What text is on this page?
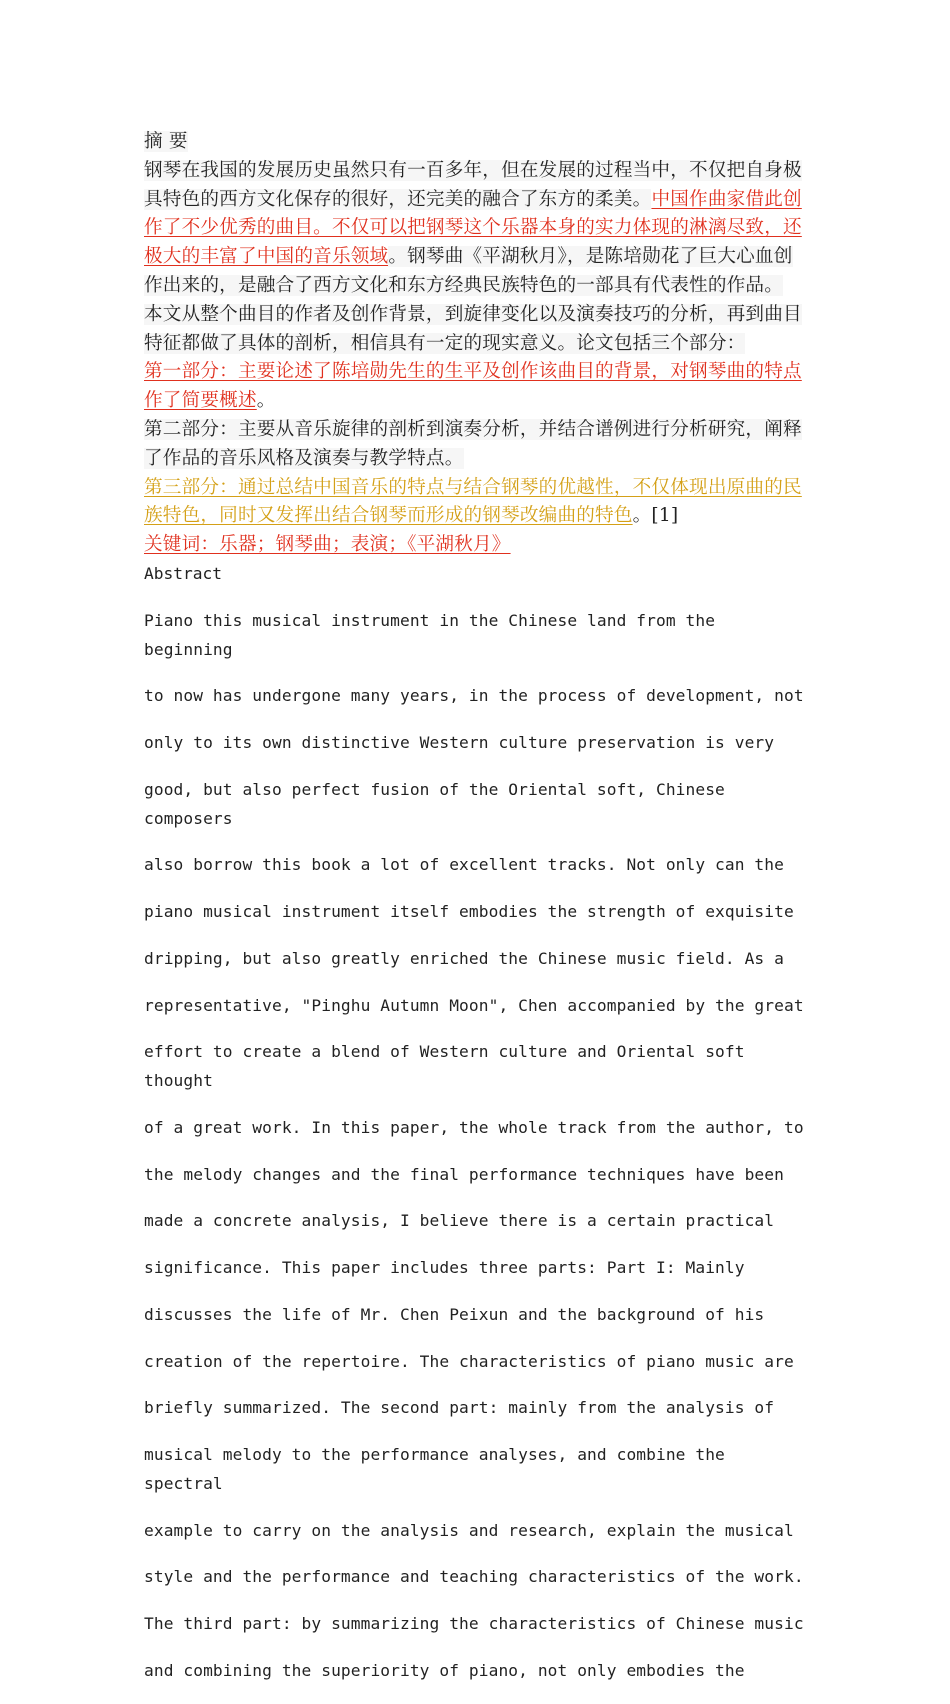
摘 要

钢琴在我国的发展历史虽然只有一百多年，但在发展的过程当中，不仅把自身极具特色的西方文化保存的很好，还完美的融合了东方的柔美。中国作曲家借此创作了不少优秀的曲目。不仅可以把钢琴这个乐器本身的实力体现的淋漓尽致，还极大的丰富了中国的音乐领域。钢琴曲《平湖秋月》，是陈培勋花了巨大心血创作出来的，是融合了西方文化和东方经典民族特色的一部具有代表性的作品。

本文从整个曲目的作者及创作背景，到旋律变化以及演奏技巧的分析，再到曲目特征都做了具体的剖析，相信具有一定的现实意义。论文包括三个部分：

第一部分：主要论述了陈培勋先生的生平及创作该曲目的背景，对钢琴曲的特点作了简要概述。

第二部分：主要从音乐旋律的剖析到演奏分析，并结合谱例进行分析研究，阐释了作品的音乐风格及演奏与教学特点。

第三部分：通过总结中国音乐的特点与结合钢琴的优越性，不仅体现出原曲的民族特色，同时又发挥出结合钢琴而形成的钢琴改编曲的特色。[1]

关键词：乐器；钢琴曲；表演；《平湖秋月》

Abstract

Piano this musical instrument in the Chinese land from the beginning

to now has undergone many years, in the process of development, not

only to its own distinctive Western culture preservation is very

good, but also perfect fusion of the Oriental soft, Chinese composers

also borrow this book a lot of excellent tracks. Not only can the

piano musical instrument itself embodies the strength of exquisite

dripping, but also greatly enriched the Chinese music field. As a

representative, "Pinghu Autumn Moon", Chen accompanied by the great

effort to create a blend of Western culture and Oriental soft thought

of a great work. In this paper, the whole track from the author, to

the melody changes and the final performance techniques have been

made a concrete analysis, I believe there is a certain practical

significance. This paper includes three parts: Part I: Mainly

discusses the life of Mr. Chen Peixun and the background of his

creation of the repertoire. The characteristics of piano music are

briefly summarized. The second part: mainly from the analysis of

musical melody to the performance analyses, and combine the spectral

example to carry on the analysis and research, explain the musical

style and the performance and teaching characteristics of the work.

The third part: by summarizing the characteristics of Chinese music

and combining the superiority of piano, not only embodies the
